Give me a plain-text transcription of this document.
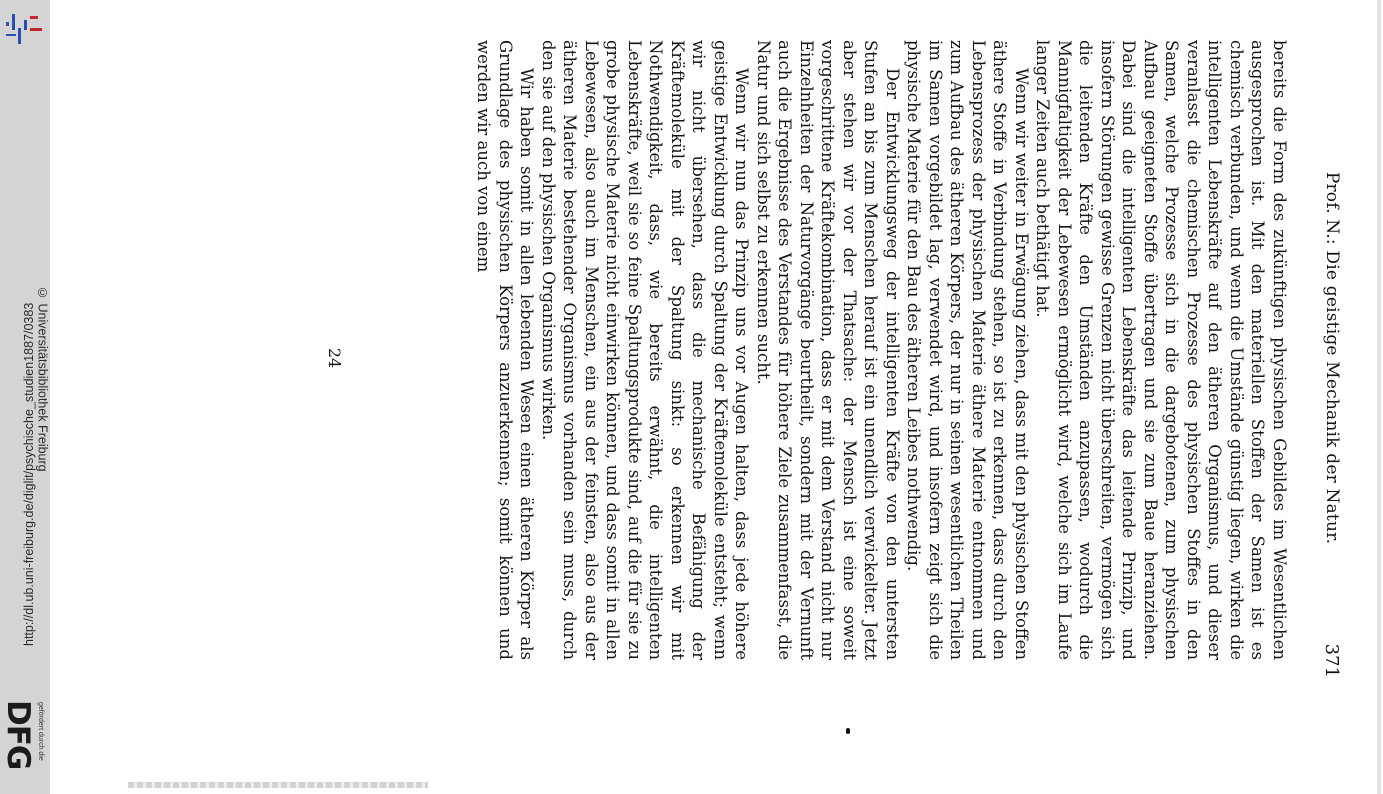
http://dl.ub.uni-freiburg.de/diglit/psychische_studien1887/0383 © Universitätsbibliothek Freiburg
DFG gefördert durch die
Prof. N.: Die geistige Mechanik der Natur.
371

bereits die Form des zukünftigen physischen Gebildes im Wesentlichen ausgesprochen ist. Mit den materiellen Stoffen der Samen ist es chemisch verbunden, und wenn die Umstände günstig liegen, wirken die intelligenten Lebenskräfte auf den ätheren Organismus, und dieser veranlasst die chemischen Prozesse des physischen Stoffes in den Samen, welche Prozesse sich in die dargebotenen, zum physischen Aufbau geeigneten Stoffe übertragen und sie zum Baue heranziehen. Dabei sind die intelligenten Lebenskräfte das leitende Prinzip, und insofern Störungen gewisse Grenzen nicht überschreiten, vermögen sich die leitenden Kräfte den Umständen anzupassen, wodurch die Mannigfaltigkeit der Lebewesen ermöglicht wird, welche sich im Laufe langer Zeiten auch bethätigt hat.

Wenn wir weiter in Erwägung ziehen, dass mit den physischen Stoffen äthere Stoffe in Verbindung stehen, so ist zu erkennen, dass durch den Lebensprozess der physischen Materie äthere Materie entnommen und zum Aufbau des ätheren Körpers, der nur in seinen wesentlichen Theilen im Samen vorgebildet lag, verwendet wird, und insofern zeigt sich die physische Materie für den Bau des ätheren Leibes nothwendig.

Der Entwicklungsweg der intelligenten Kräfte von den untersten Stufen an bis zum Menschen herauf ist ein unendlich verwickelter. Jetzt aber stehen wir vor der Thatsache: der Mensch ist eine soweit vorgeschrittene Kräftekombination, dass er mit dem Verstand nicht nur Einzelnheiten der Naturvorgänge beurtheilt, sondern mit der Vernunft auch die Ergebnisse des Verstandes für höhere Ziele zusammenfasst, die Natur und sich selbst zu erkennen sucht.

Wenn wir nun das Prinzip uns vor Augen halten, dass jede höhere geistige Entwicklung durch Spaltung der Kräftemoleküle entsteht; wenn wir nicht übersehen, dass die mechanische Befähigung der Kräftemoleküle mit der Spaltung sinkt: so erkennen wir mit Nothwendigkeit, dass, wie bereits erwähnt, die intelligenten Lebenskräfte, weil sie so feine Spaltungsprodukte sind, auf die für sie zu grobe physische Materie nicht einwirken können, und dass somit in allen Lebewesen, also auch im Menschen, ein aus der feinsten, also aus der ätheren Materie bestehender Organismus vorhanden sein muss, durch den sie auf den physischen Organismus wirken.

Wir haben somit in allen lebenden Wesen einen ätheren Körper als Grundlage des physischen Körpers anzuerkennen; somit können und werden wir auch von einem

24
